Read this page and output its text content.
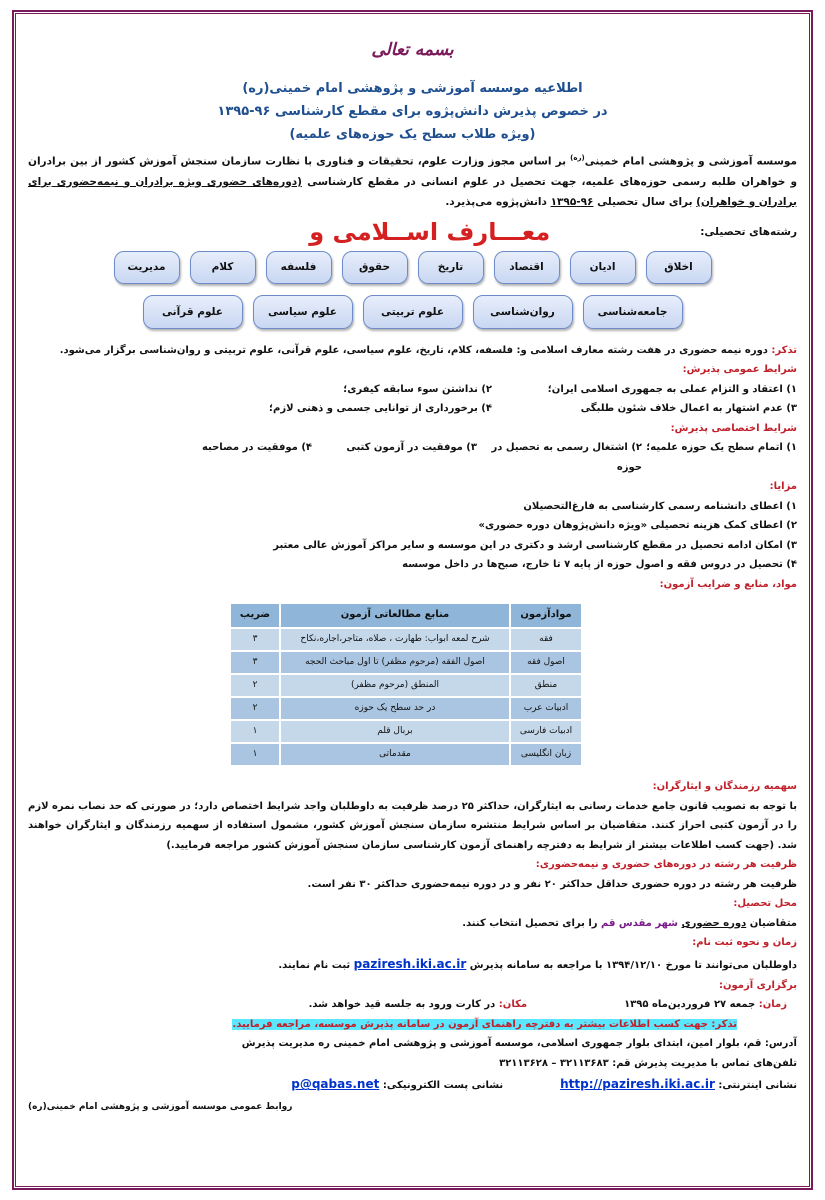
بسمه تعالی
اطلاعیه موسسه آموزشی و پژوهشی امام خمینی(ره)
در خصوص پذیرش دانش‌پژوه برای مقطع کارشناسی ۹۶-۱۳۹۵
(ویژه طلاب سطح یک حوزه‌های علمیه)

موسسه آموزشی و پژوهشی امام خمینی$^{(ره)}$ بر اساس مجوز وزارت علوم، تحقیقات و فناوری با نظارت سازمان سنجش آموزش کشور از بین برادران و خواهران طلبه رسمی حوزه‌های علمیه، جهت تحصیل در علوم انسانی در مقطع کارشناسی (دوره‌های حضوری ویژه برادران و نیمه‌حضوری برای برادران و خواهران) برای سال تحصیلی ۹۶-۱۳۹۵ دانش‌پژوه می‌پذیرد.

رشته‌های تحصیلی:
معـــارف اســلامی و
اخلاق
ادیان
اقتصاد
تاریخ
حقوق
فلسفه
کلام
مدیریت
جامعه‌شناسی
روان‌شناسی
علوم تربیتی
علوم سیاسی
علوم قرآنی
تذکر: دوره نیمه حضوری در هفت رشته معارف اسلامی و: فلسفه، کلام، تاریخ، علوم سیاسی، علوم قرآنی، علوم تربیتی و روان‌شناسی برگزار می‌شود.
شرایط عمومی پذیرش:
۱) اعتقاد و التزام عملی به جمهوری اسلامی ایران؛
۲) نداشتن سوء سابقه کیفری؛
۳) عدم اشتهار به اعمال خلاف شئون طلبگی
۴) برخورداری از توانایی جسمی و ذهنی لازم؛
شرایط اختصاصی پذیرش:
۱) اتمام سطح یک حوزه علمیه؛
۲) اشتغال رسمی به تحصیل در حوزه
۳) موفقیت در آزمون کتبی
۴) موفقیت در مصاحبه
مزایا:
۱) اعطای دانشنامه رسمی کارشناسی به فارغ‌التحصیلان
۲) اعطای کمک هزینه تحصیلی «ویژه دانش‌پژوهان دوره حضوری»
۳) امکان ادامه تحصیل در مقطع کارشناسی ارشد و دکتری در این موسسه و سایر مراکز آموزش عالی معتبر
۴) تحصیل در دروس فقه و اصول حوزه از پایه ۷ تا خارج، صبح‌ها در داخل موسسه
مواد، منابع و ضرایب آزمون:
موادآزمون	منابع مطالعاتی آزمون	ضریب
فقه	شرح لمعه ابواب: طهارت ، صلاه، متاجر،اجاره،نکاح	۳
اصول فقه	اصول الفقه (مرحوم مظفر) تا اول مباحث الحجه	۳
منطق	المنطق (مرحوم مظفر)	۲
ادبیات عرب	در حد سطح یک حوزه	۲
ادبیات فارسی	بربال قلم	۱
زبان انگلیسی	مقدماتی	۱
سهمیه رزمندگان و ایثارگران:
با توجه به تصویب قانون جامع خدمات رسانی به ایثارگران، حداکثر ۲۵ درصد ظرفیت به داوطلبان واجد شرایط اختصاص دارد؛ در صورتی که حد نصاب نمره لازم را در آزمون کتبی احراز کنند. متقاضیان بر اساس شرایط منتشره سازمان سنجش آموزش کشور، مشمول استفاده از سهمیه رزمندگان و ایثارگران خواهند شد. (جهت کسب اطلاعات بیشتر از شرایط به دفترچه راهنمای آزمون کارشناسی سازمان سنجش آموزش کشور مراجعه فرمایید.)
ظرفیت هر رشته در دوره‌های حضوری و نیمه‌حضوری:
ظرفیت هر رشته در دوره حضوری حداقل حداکثر ۲۰ نفر و در دوره نیمه‌حضوری حداکثر ۳۰ نفر است.
محل تحصیل:
متقاضیان دوره حضوری شهر مقدس قم را برای تحصیل انتخاب کنند.
زمان و نحوه ثبت نام:
داوطلبان می‌توانند تا مورخ ۱۳۹۴/۱۲/۱۰ با مراجعه به سامانه پذیرش paziresh.iki.ac.ir ثبت نام نمایند.
برگزاری آزمون:
زمان: جمعه ۲۷ فروردین‌ماه ۱۳۹۵  مکان: در کارت ورود به جلسه قید خواهد شد.
تذکر: جهت کسب اطلاعات بیشتر به دفترچه راهنمای آزمون در سامانه پذیرش موسسه، مراجعه فرمایید.
آدرس: قم، بلوار امین، ابتدای بلوار جمهوری اسلامی، موسسه آموزشی و پژوهشی امام خمینی ره مدیریت پذیرش
تلفن‌های تماس با مدیریت پذیرش قم: ۳۲۱۱۳۶۸۳ – ۳۲۱۱۳۶۲۸
نشانی اینترنتی: http://paziresh.iki.ac.ir  نشانی پست الکترونیکی: p@qabas.net
روابط عمومی موسسه آموزشی و پژوهشی امام خمینی(ره)
